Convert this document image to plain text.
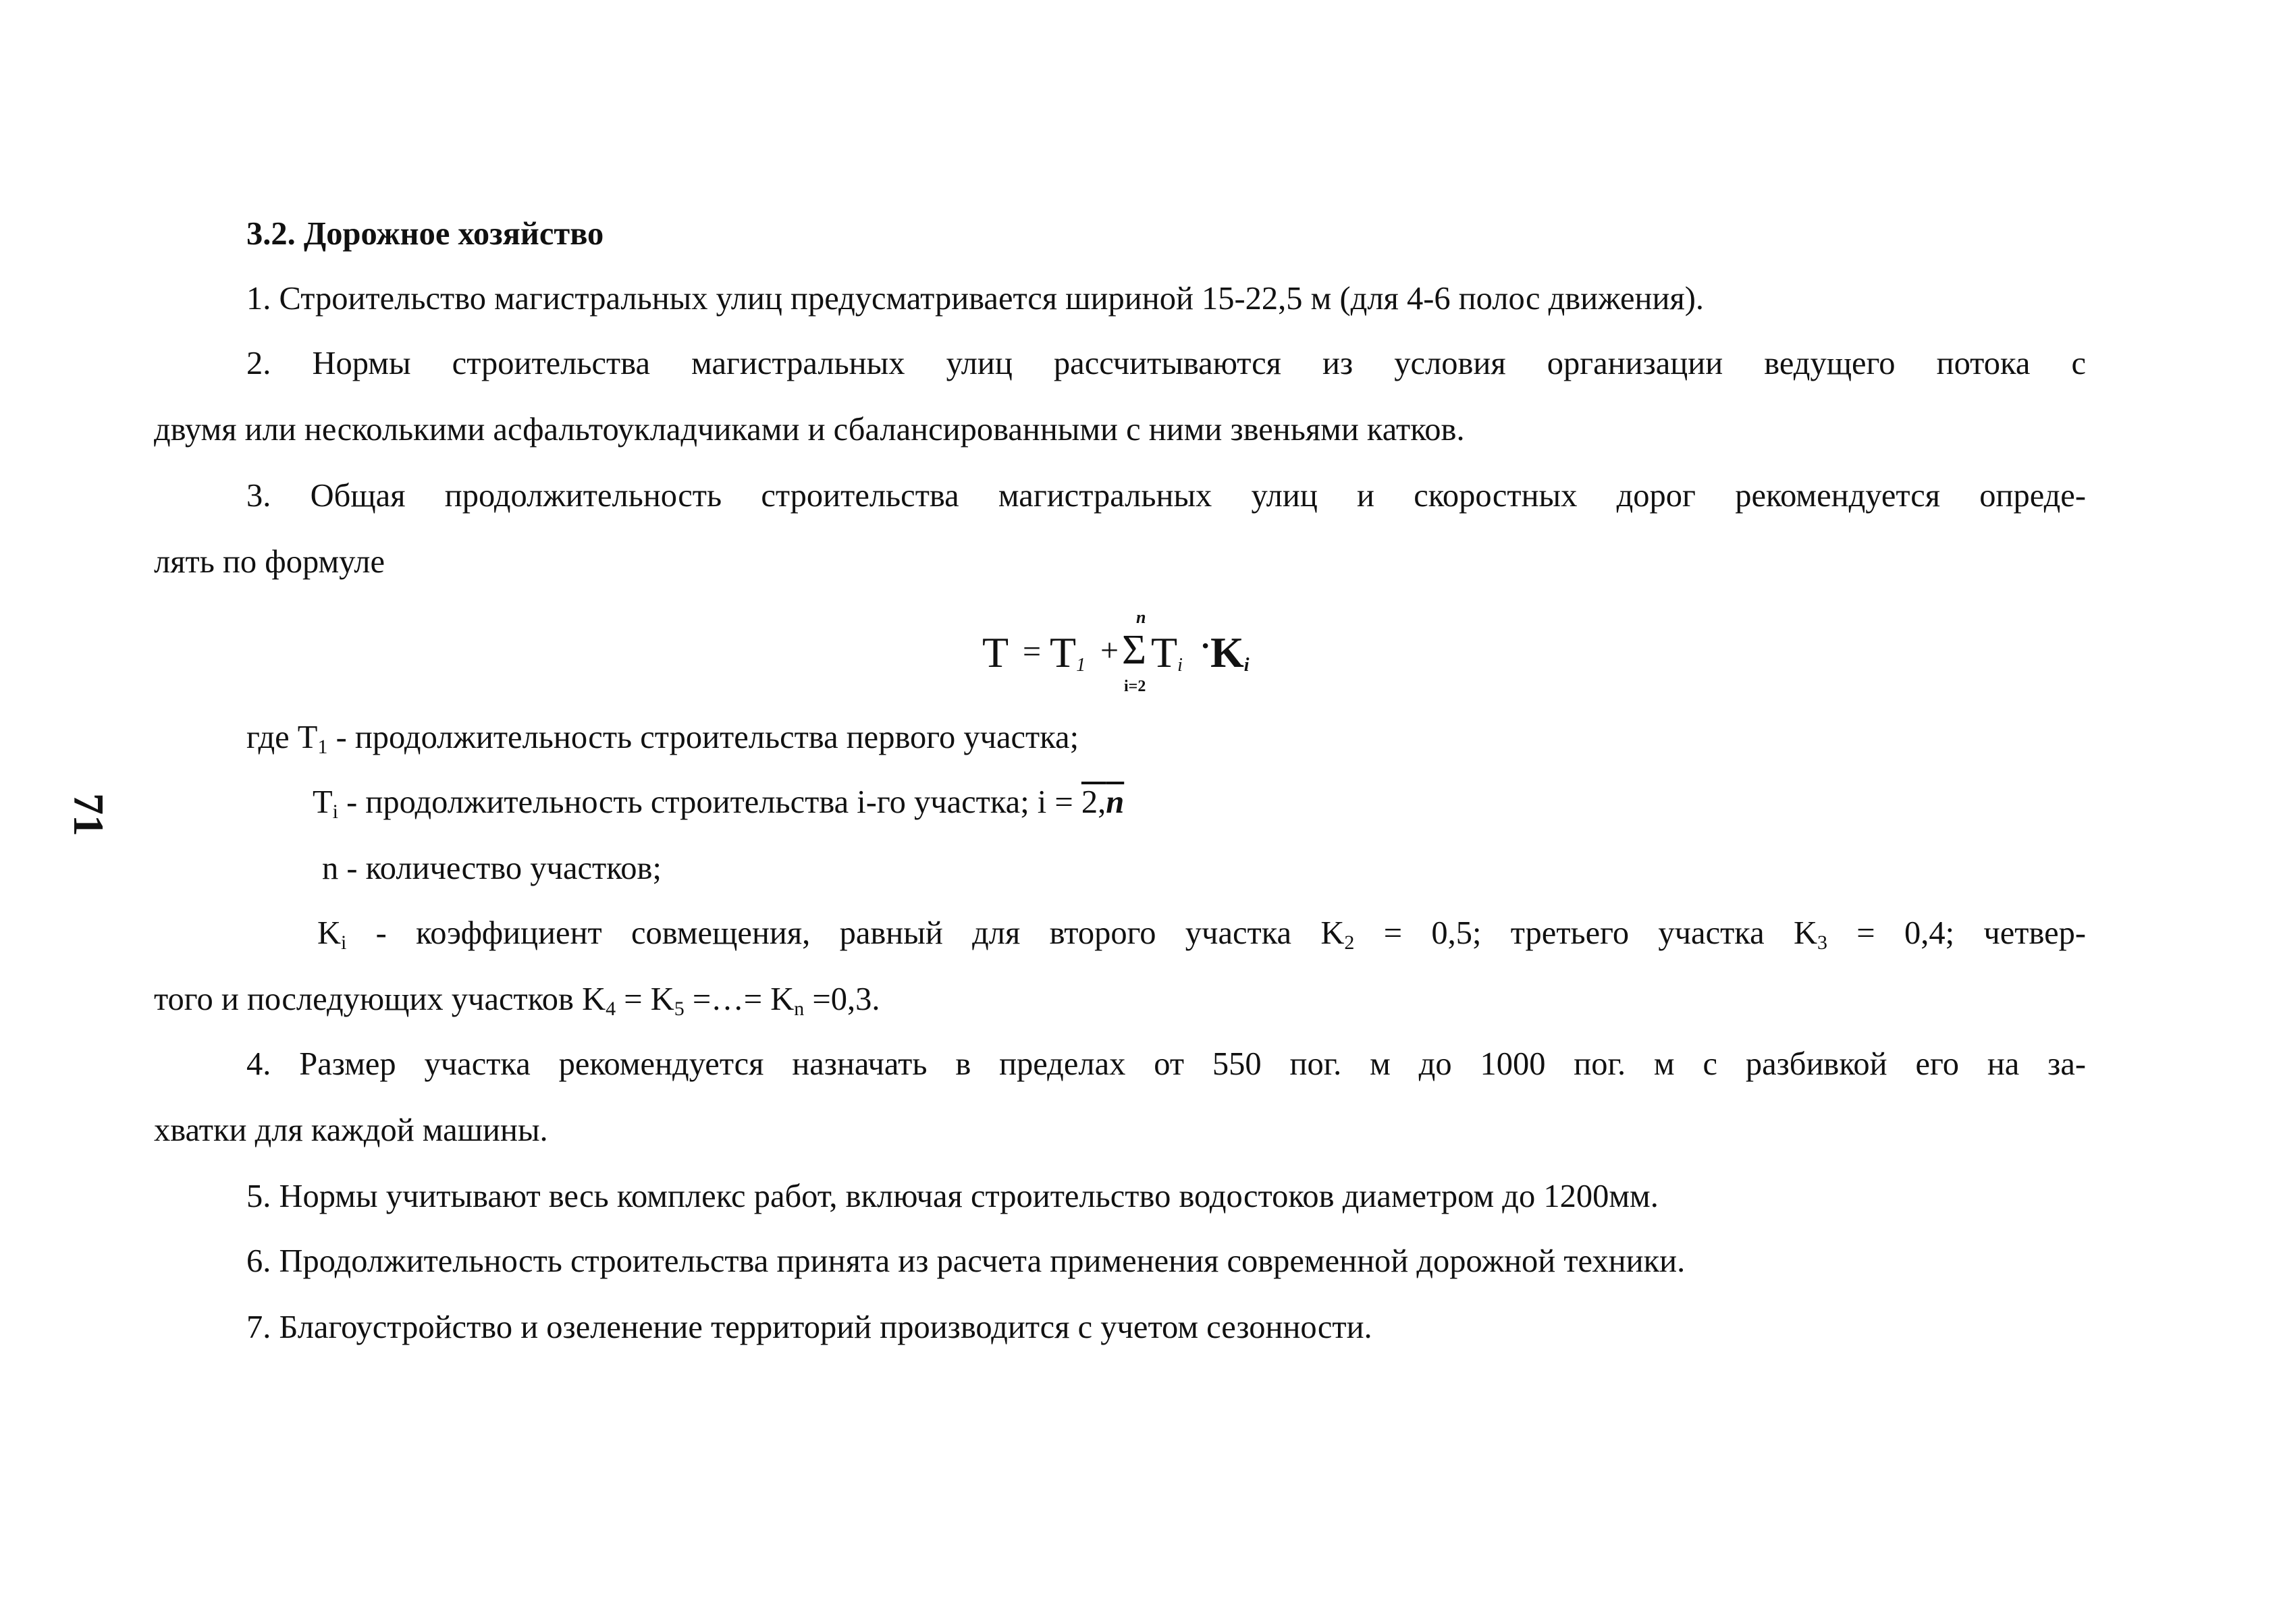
71
3.2. Дорожное хозяйство
1. Строительство магистральных улиц предусматривается шириной 15-22,5 м (для 4-6 полос движения).
2. Нормы строительства магистральных улиц рассчитываются из условия организации ведущего потока с
двумя или несколькими асфальтоукладчиками и сбалансированными с ними звеньями катков.
3. Общая продолжительность строительства магистральных улиц и скоростных дорог рекомендуется опреде-
лять по формуле
T = T1 +
n
Σ
i=2
Ti ·
Ki
где $T_1$ - продолжительность строительства первого участка;
$T_i$ - продолжительность строительства i-го участка; i = 2,n
n - количество участков;
$K_i$ - коэффициент совмещения, равный для второго участка $K_2 = 0,5$; третьего участка $K_3 = 0,4$; четвер-
того и последующих участков $K_4 = K_5$ =…= $K_n =0,3$.
4. Размер участка рекомендуется назначать в пределах от 550 пог. м до 1000 пог. м с разбивкой его на за-
хватки для каждой машины.
5. Нормы учитывают весь комплекс работ, включая строительство водостоков диаметром до 1200мм.
6. Продолжительность строительства принята из расчета применения современной дорожной техники.
7. Благоустройство и озеленение территорий производится с учетом сезонности.
